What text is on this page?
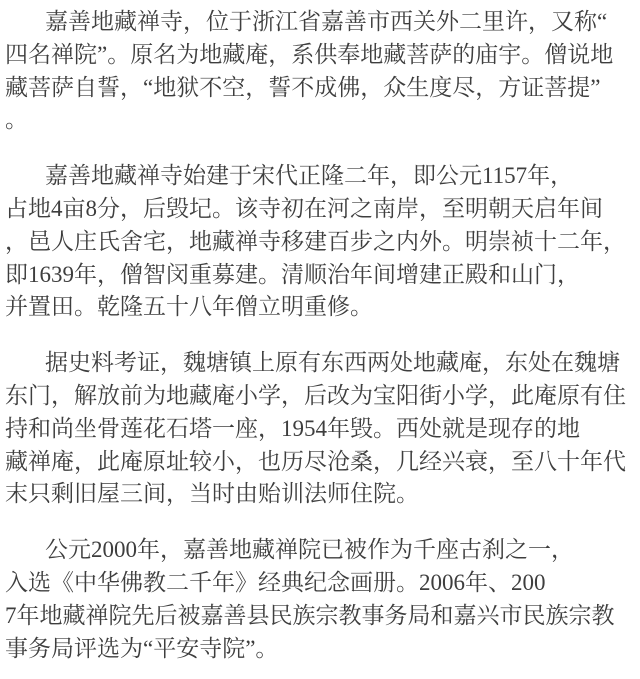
嘉善地藏禅寺，位于浙江省嘉善市西关外二里许，又称“
四名禅院”。原名为地藏庵，系供奉地藏菩萨的庙宇。僧说地
藏菩萨自誓，“地狱不空，誓不成佛，众生度尽，方证菩提”
。

嘉善地藏禅寺始建于宋代正隆二年，即公元1157年，
占地4亩8分，后毁圮。该寺初在河之南岸，至明朝天启年间
，邑人庄氏舍宅，地藏禅寺移建百步之内外。明崇祯十二年，
即1639年，僧智闵重募建。清顺治年间增建正殿和山门，
并置田。乾隆五十八年僧立明重修。

据史料考证，魏塘镇上原有东西两处地藏庵，东处在魏塘
东门，解放前为地藏庵小学，后改为宝阳街小学，此庵原有住
持和尚坐骨莲花石塔一座，1954年毁。西处就是现存的地
藏禅庵，此庵原址较小，也历尽沧桑，几经兴衰，至八十年代
末只剩旧屋三间，当时由贻训法师住院。

公元2000年，嘉善地藏禅院已被作为千座古刹之一，
入选《中华佛教二千年》经典纪念画册。2006年、200
7年地藏禅院先后被嘉善县民族宗教事务局和嘉兴市民族宗教
事务局评选为“平安寺院”。
